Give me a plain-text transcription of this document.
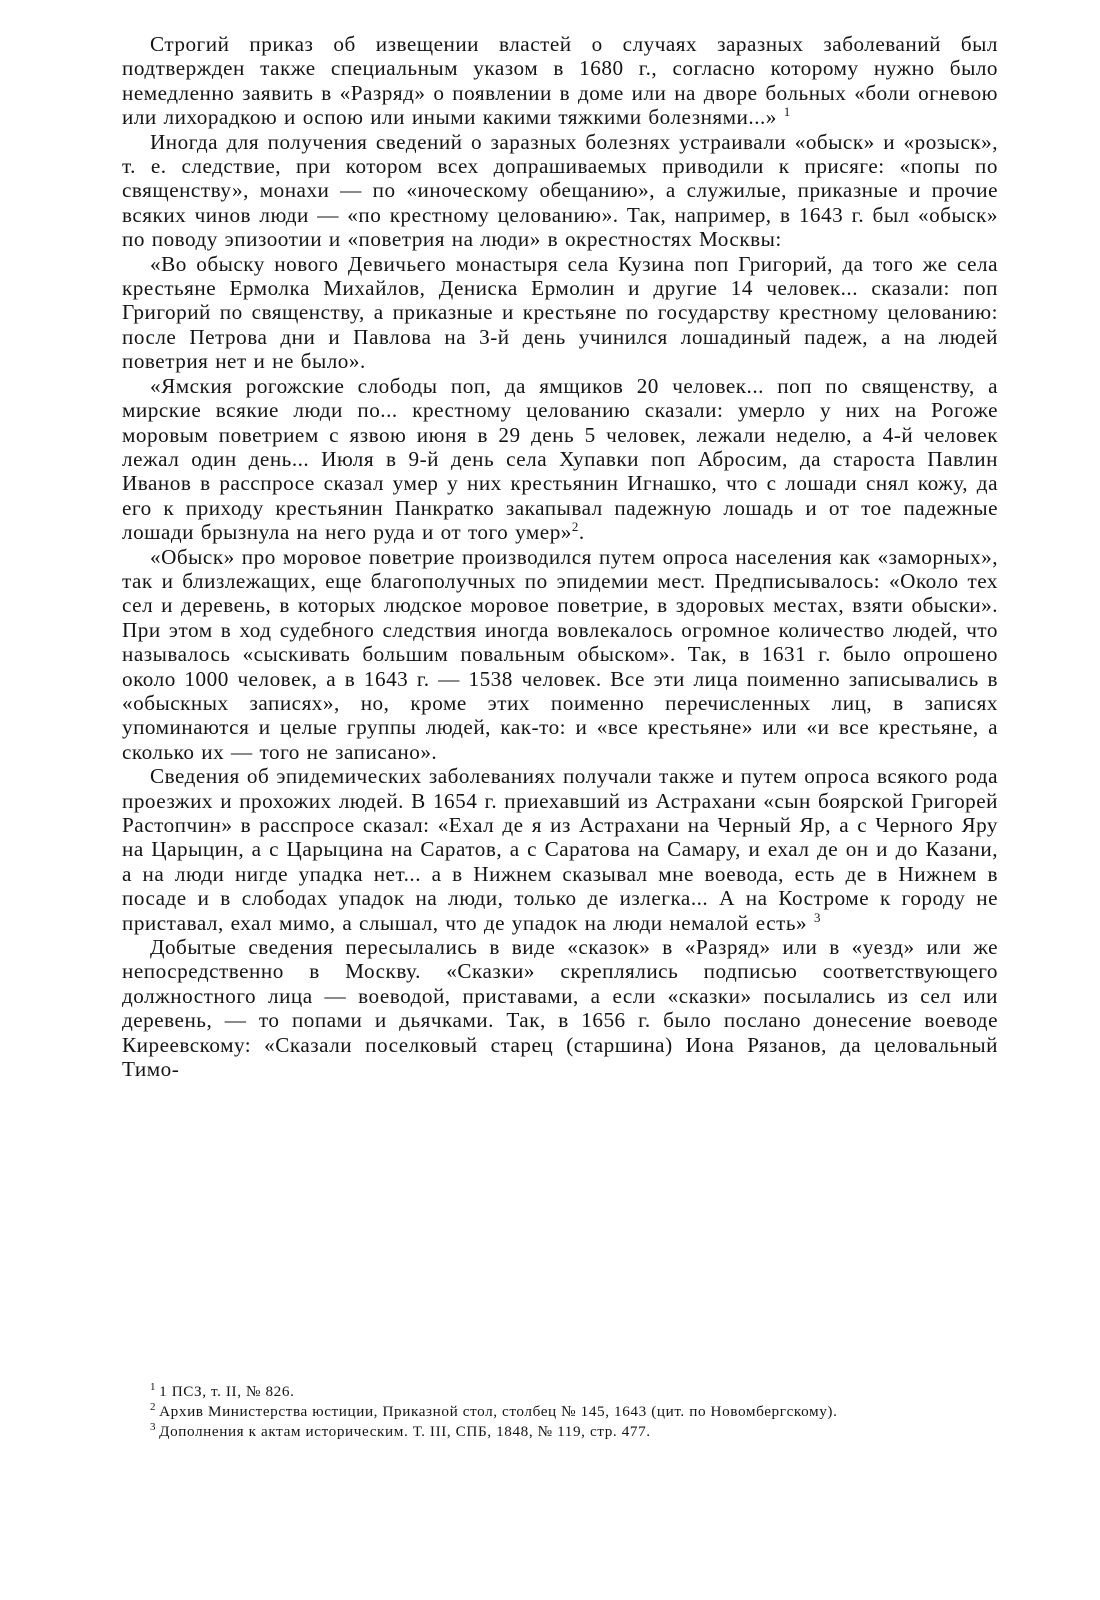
Строгий приказ об извещении властей о случаях заразных заболеваний был подтвержден также специальным указом в 1680 г., согласно которому нужно было немедленно заявить в «Разряд» о появлении в доме или на дворе больных «боли огневою или лихорадкою и оспою или иными какими тяжкими болезнями...» $^1$

Иногда для получения сведений о заразных болезнях устраивали «обыск» и «розыск», т. е. следствие, при котором всех допрашиваемых приводили к присяге: «попы по священству», монахи — по «иноческому обещанию», а служилые, приказные и прочие всяких чинов люди — «по крестному целованию». Так, например, в 1643 г. был «обыск» по поводу эпизоотии и «поветрия на люди» в окрестностях Москвы:

«Во обыску нового Девичьего монастыря села Кузина поп Григорий, да того же села крестьяне Ермолка Михайлов, Дениска Ермолин и другие 14 человек... сказали: поп Григорий по священству, а приказные и крестьяне по государству крестному целованию: после Петрова дни и Павлова на 3-й день учинился лошадиный падеж, а на людей поветрия нет и не было».

«Ямския рогожские слободы поп, да ямщиков 20 человек... поп по священству, а мирские всякие люди по... крестному целованию сказали: умерло у них на Рогоже моровым поветрием с язвою июня в 29 день 5 человек, лежали неделю, а 4-й человек лежал один день... Июля в 9-й день села Хупавки поп Абросим, да староста Павлин Иванов в расспросе сказал умер у них крестьянин Игнашко, что с лошади снял кожу, да его к приходу крестьянин Панкратко закапывал падежную лошадь и от тое падежные лошади брызнула на него руда и от того умер»$^2$.

«Обыск» про моровое поветрие производился путем опроса населения как «заморных», так и близлежащих, еще благополучных по эпидемии мест. Предписывалось: «Около тех сел и деревень, в которых людское моровое поветрие, в здоровых местах, взяти обыски». При этом в ход судебного следствия иногда вовлекалось огромное количество людей, что называлось «сыскивать большим повальным обыском». Так, в 1631 г. было опрошено около 1000 человек, а в 1643 г. — 1538 человек. Все эти лица поименно записывались в «обыскных записях», но, кроме этих поименно перечисленных лиц, в записях упоминаются и целые группы людей, как-то: и «все крестьяне» или «и все крестьяне, а сколько их — того не записано».

Сведения об эпидемических заболеваниях получали также и путем опроса всякого рода проезжих и прохожих людей. В 1654 г. приехавший из Астрахани «сын боярской Григорей Растопчин» в расспросе сказал: «Ехал де я из Астрахани на Черный Яр, а с Черного Яру на Царыцин, а с Царыцина на Саратов, а с Саратова на Самару, и ехал де он и до Казани, а на люди нигде упадка нет... а в Нижнем сказывал мне воевода, есть де в Нижнем в посаде и в слободах упадок на люди, только де излегка... А на Костроме к городу не приставал, ехал мимо, а слышал, что де упадок на люди немалой есть» $^3$

Добытые сведения пересылались в виде «сказок» в «Разряд» или в «уезд» или же непосредственно в Москву. «Сказки» скреплялись подписью соответствующего должностного лица — воеводой, приставами, а если «сказки» посылались из сел или деревень, — то попами и дьячками. Так, в 1656 г. было послано донесение воеводе Киреевскому: «Сказали поселковый старец (старшина) Иона Рязанов, да целовальный Тимо-

$^1$ 1 ПСЗ, т. II, № 826.

$^2$ Архив Министерства юстиции, Приказной стол, столбец № 145, 1643 (цит. по Новомбергскому).

$^3$ Дополнения к актам историческим. Т. III, СПБ, 1848, № 119, стр. 477.
